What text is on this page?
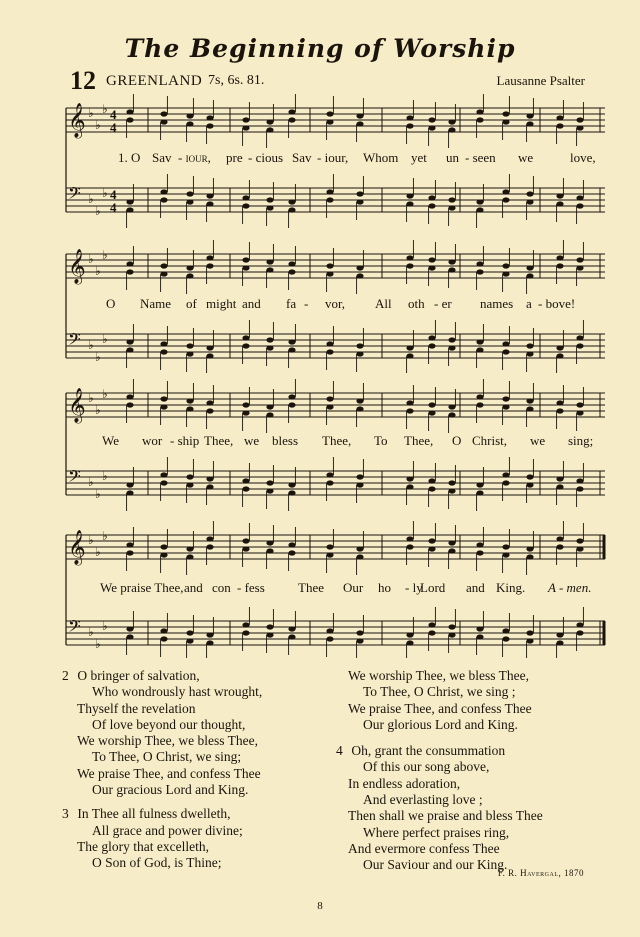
The Beginning of Worship
12 GREENLAND 7s, 6s. 81.	Lausanne Psalter
𝄞 ♭
♭
♭ 4
4
𝄢 ♭
♭
♭ 4
4
1. O Sav - iour, pre - cious Sav - iour, Whom yet un - seen we	love,
𝄞 ♭
♭
♭
𝄢 ♭
♭
♭
O Name of might and fa - vor, All oth - er names a - bove!
𝄞 ♭
♭
♭
𝄢 ♭
♭
♭
We wor - ship Thee, we bless Thee, To Thee, O Christ, we sing;
𝄞 ♭
♭
♭
𝄢 ♭
♭
♭
We praise Thee, and con - fess	Thee Our ho - ly
Lord and King. A - men.
2 O bringer of salvation,
Who wondrously hast wrought,
Thyself the revelation
Of love beyond our thought,
We worship Thee, we bless Thee,
To Thee, O Christ, we sing;
We praise Thee, and confess Thee
Our gracious Lord and King.
3 In Thee all fulness dwelleth,
All grace and power divine;
The glory that excelleth,
O Son of God, is Thine;
We worship Thee, we bless Thee,
To Thee, O Christ, we sing ;
We praise Thee, and confess Thee
Our glorious Lord and King.
4 Oh, grant the consummation
Of this our song above,
In endless adoration,
And everlasting love ;
Then shall we praise and bless Thee
Where perfect praises ring,
And evermore confess Thee
Our Saviour and our King.
F. R. Havergal, 1870
8
